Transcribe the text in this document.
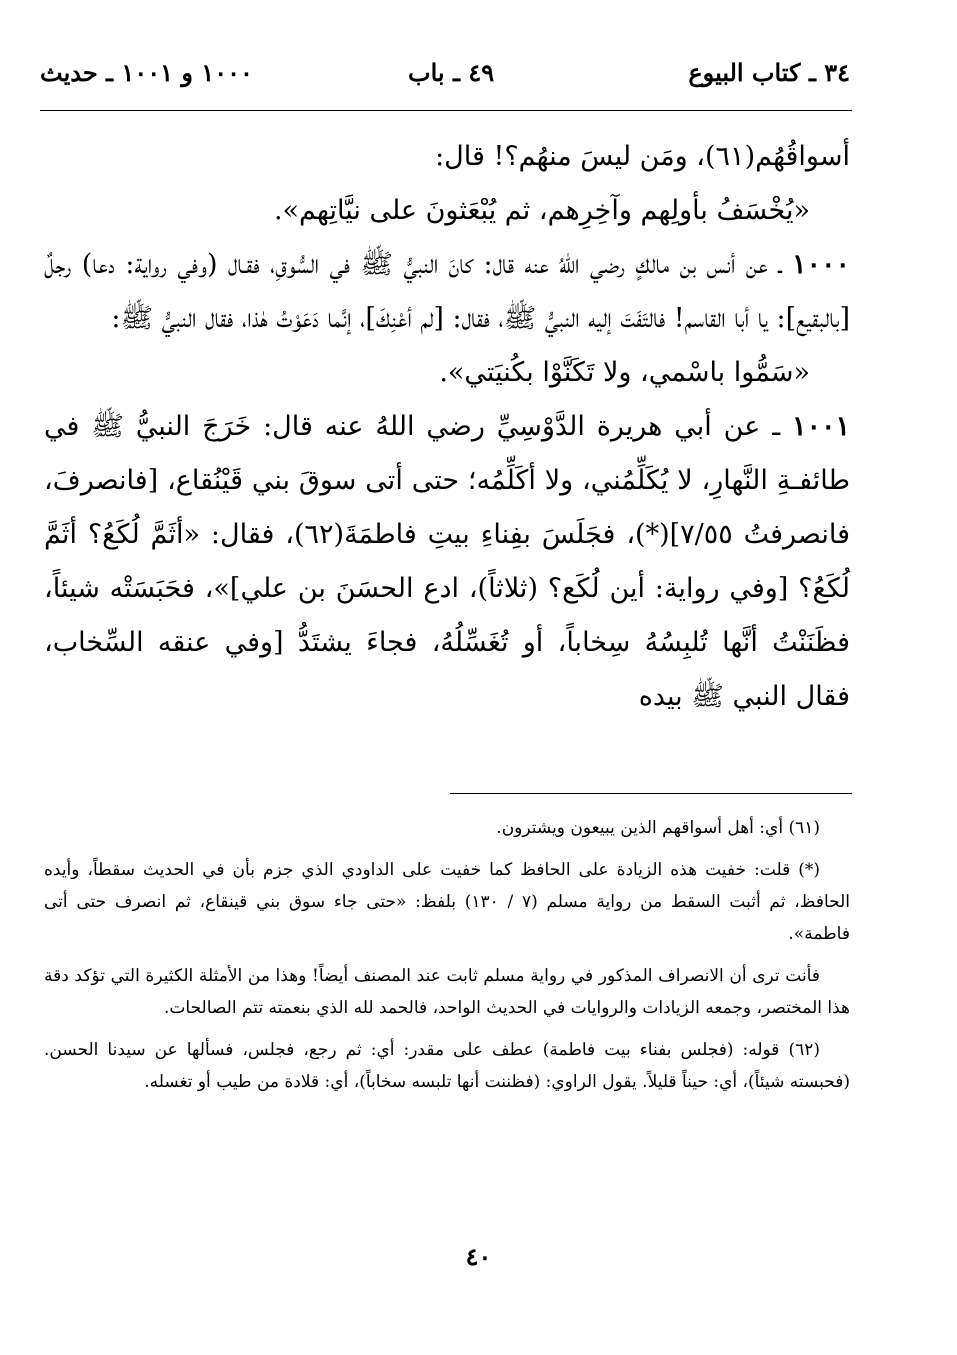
٣٤ ـ كتاب البيوع
٤٩ ـ باب
١٠٠٠ و ١٠٠١ ـ حديث

أسواقُهُم(٦١)، ومَن ليسَ منهُم؟! قال:

«يُخْسَفُ بأولِهم وآخِرِهم، ثم يُبْعَثونَ على نيَّاتِهم».

١٠٠٠ ـ عن أنس بن مالكٍ رضي اللهُ عنه قال: كانَ النبيُّ ﷺ في السُّوقِ، فقـال (وفي رواية: دعا) رجلٌ [بالبقيع]: يا أبا القاسم! فالتَفَتَ إليه النبيُّ ﷺ، فقال: [لم أعْنِكَ]، إنَّما دَعَوْتُ هٰذا، فقال النبيُّ ﷺ:

«سَمُّوا باسْمي، ولا تَكَنَّوْا بكُنيَتي».

١٠٠١ ـ عن أبي هريرة الدَّوْسِيِّ رضي اللهُ عنه قال: خَرَجَ النبيُّ ﷺ في طائفـةِ النَّهارِ، لا يُكَلِّمُني، ولا أكَلِّمُه؛ حتى أتى سوقَ بني قَيْنُقاع، [فانصرفَ، فانصرفتُ ٧/٥٥](*)، فجَلَسَ بفِناءِ بيتِ فاطمَةَ(٦٢)، فقال: «أثَمَّ لُكَعُ؟ أثَمَّ لُكَعُ؟ [وفي رواية: أين لُكَع؟ (ثلاثاً)، ادع الحسَنَ بن علي]»، فحَبَسَتْه شيئاً، فظَنَنْتُ أنَّها تُلبِسُهُ سِخاباً، أو تُغَسِّلُهُ، فجاءَ يشتَدُّ [وفي عنقه السِّخاب، فقال النبي ﷺ بيده

(٦١) أي: أهل أسواقهم الذين يبيعون ويشترون.

(*) قلت: خفيت هذه الزيادة على الحافظ كما خفيت على الداودي الذي جزم بأن في الحديث سقطاً، وأيده الحافظ، ثم أثبت السقط من رواية مسلم (٧ / ١٣٠) بلفظ: «حتى جاء سوق بني قينقاع، ثم انصرف حتى أتى فاطمة».

فأنت ترى أن الانصراف المذكور في رواية مسلم ثابت عند المصنف أيضاً! وهذا من الأمثلة الكثيرة التي تؤكد دقة هذا المختصر، وجمعه الزيادات والروايات في الحديث الواحد، فالحمد لله الذي بنعمته تتم الصالحات.

(٦٢) قوله: (فجلس بفناء بيت فاطمة) عطف على مقدر: أي: ثم رجع، فجلس، فسألها عن سيدنا الحسن. (فحبسته شيئاً)، أي: حيناً قليلاً. يقول الراوي: (فظننت أنها تلبسه سخاباً)، أي: قلادة من طيب أو تغسله.

٤٠
